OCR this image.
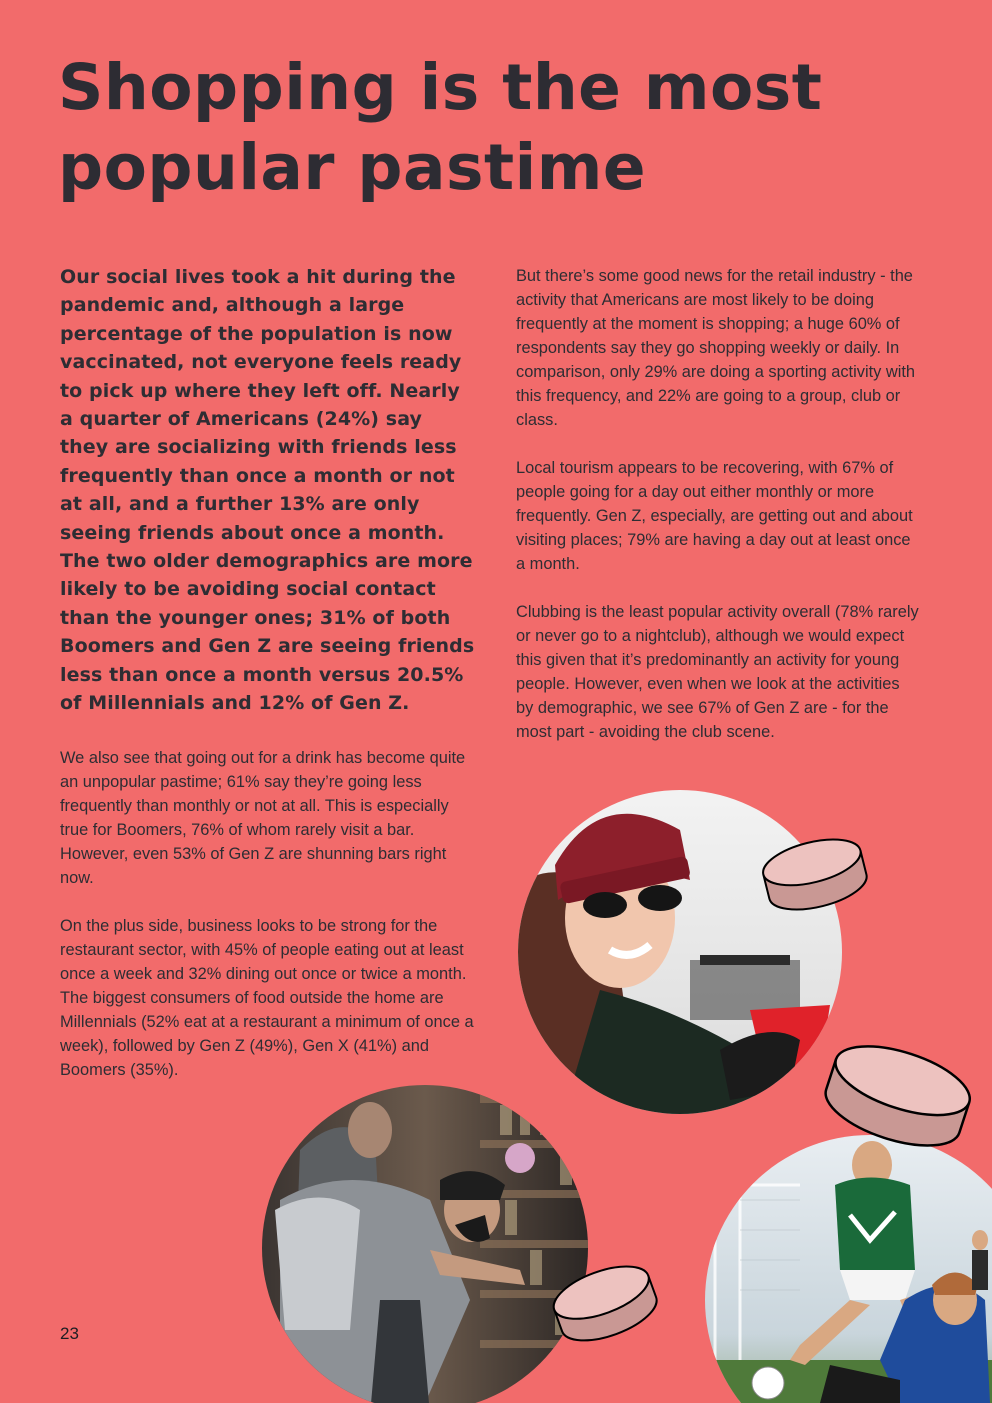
Shopping is the most
popular pastime

Our social lives took a hit during the pandemic and, although a large percentage of the population is now vaccinated, not everyone feels ready to pick up where they left off. Nearly a quarter of Americans (24%) say they are socializing with friends less frequently than once a month or not at all, and a further 13% are only seeing friends about once a month. The two older demographics are more likely to be avoiding social contact than the younger ones; 31% of both Boomers and Gen Z are seeing friends less than once a month versus 20.5% of Millennials and 12% of Gen Z.

We also see that going out for a drink has become quite an unpopular pastime; 61% say they’re going less frequently than monthly or not at all. This is especially true for Boomers, 76% of whom rarely visit a bar. However, even 53% of Gen Z are shunning bars right now.

On the plus side, business looks to be strong for the restaurant sector, with 45% of people eating out at least once a week and 32% dining out once or twice a month. The biggest consumers of food outside the home are Millennials (52% eat at a restaurant a minimum of once a week), followed by Gen Z (49%), Gen X (41%) and Boomers (35%).

But there’s some good news for the retail industry - the activity that Americans are most likely to be doing frequently at the moment is shopping; a huge 60% of respondents say they go shopping weekly or daily. In comparison, only 29% are doing a sporting activity with this frequency, and 22% are going to a group, club or class.

Local tourism appears to be recovering, with 67% of people going for a day out either monthly or more frequently. Gen Z, especially, are getting out and about visiting places; 79% are having a day out at least once a month.

Clubbing is the least popular activity overall (78% rarely or never go to a nightclub), although we would expect this given that it’s predominantly an activity for young people. However, even when we look at the activities by demographic, we see 67% of Gen Z are - for the most part - avoiding the club scene.

23
